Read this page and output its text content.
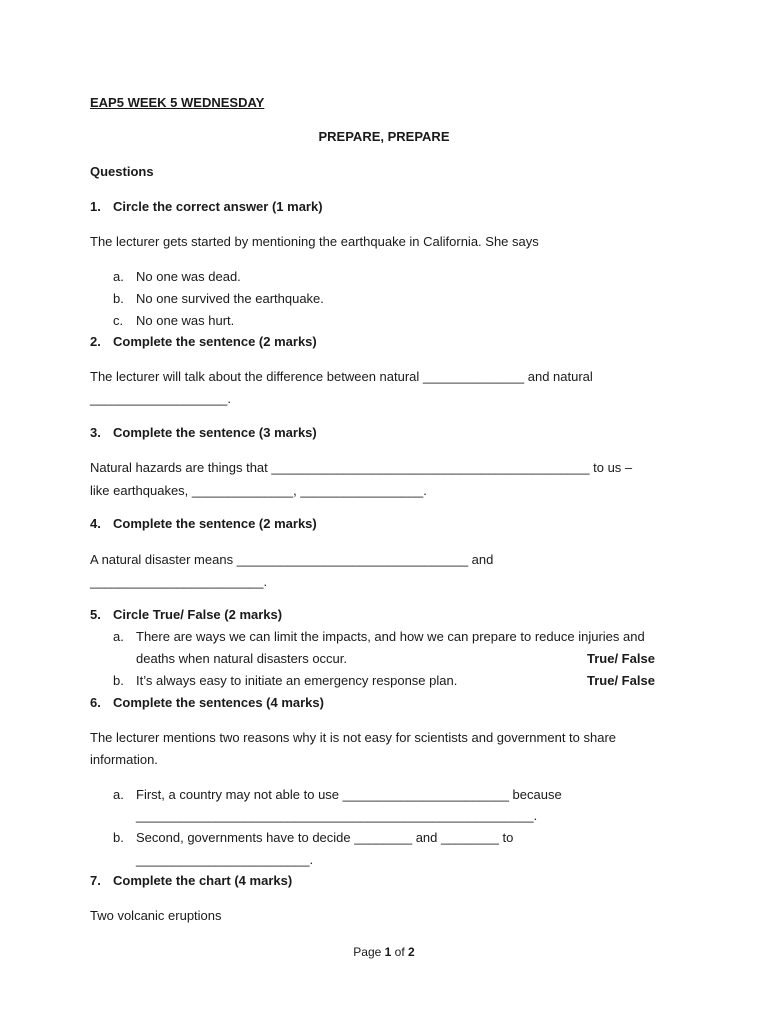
EAP5 WEEK 5 WEDNESDAY
PREPARE, PREPARE
Questions
1. Circle the correct answer (1 mark)
The lecturer gets started by mentioning the earthquake in California. She says
a. No one was dead.
b. No one survived the earthquake.
c. No one was hurt.
2. Complete the sentence (2 marks)
The lecturer will talk about the difference between natural ______________ and natural
___________________.
3. Complete the sentence (3 marks)
Natural hazards are things that ____________________________________________ to us –
like earthquakes, ______________, _________________.
4. Complete the sentence (2 marks)
A natural disaster means ________________________________ and
________________________.
5. Circle True/ False (2 marks)
a. There are ways we can limit the impacts, and how we can prepare to reduce injuries and
deaths when natural disasters occur.	True/ False
b. It’s always easy to initiate an emergency response plan.	True/ False
6. Complete the sentences (4 marks)
The lecturer mentions two reasons why it is not easy for scientists and government to share
information.
a. First, a country may not able to use _______________________ because
_______________________________________________________.
b. Second, governments have to decide ________ and ________ to
________________________.
7. Complete the chart (4 marks)
Two volcanic eruptions
Page 1 of 2
